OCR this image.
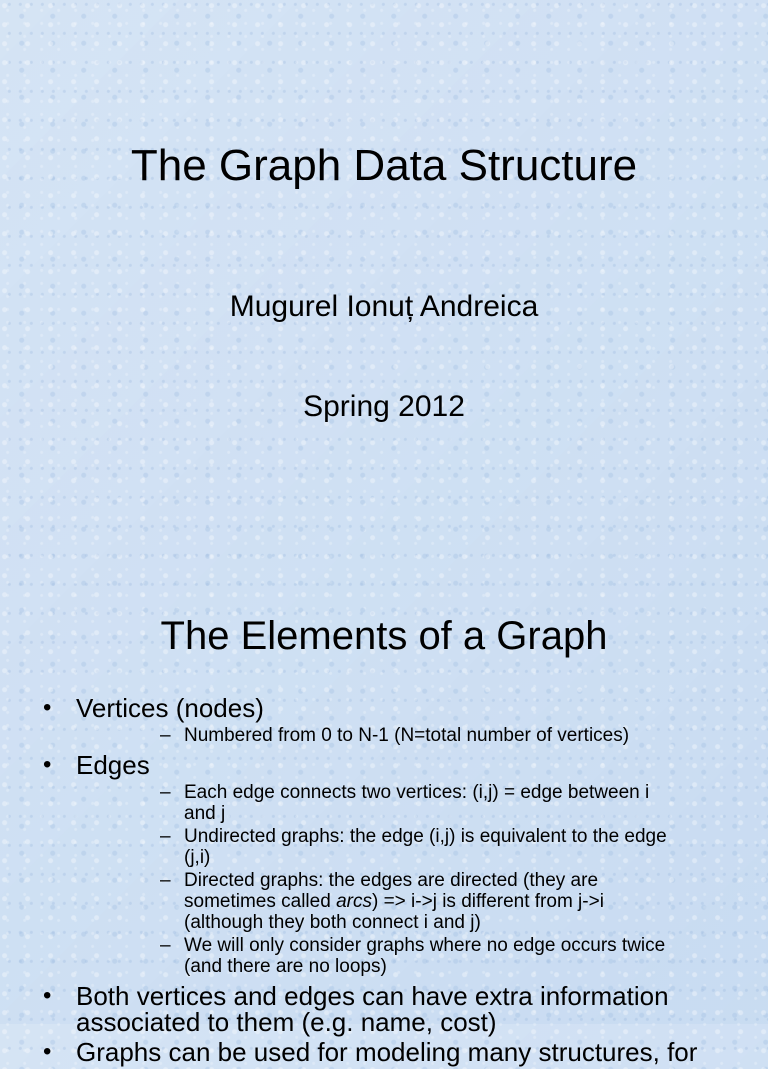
The Graph Data Structure

Mugurel Ionuț Andreica

Spring 2012

The Elements of a Graph
• Vertices (nodes)
– Numbered from 0 to N-1 (N=total number of vertices)
• Edges
– Each edge connects two vertices: (i,j) = edge between i and j
– Undirected graphs: the edge (i,j) is equivalent to the edge (j,i)
– Directed graphs: the edges are directed (they are sometimes called arcs) => i->j is different from j->i (although they both connect i and j)
– We will only consider graphs where no edge occurs twice (and there are no loops)
• Both vertices and edges can have extra information associated to them (e.g. name, cost)
• Graphs can be used for modeling many structures, for
